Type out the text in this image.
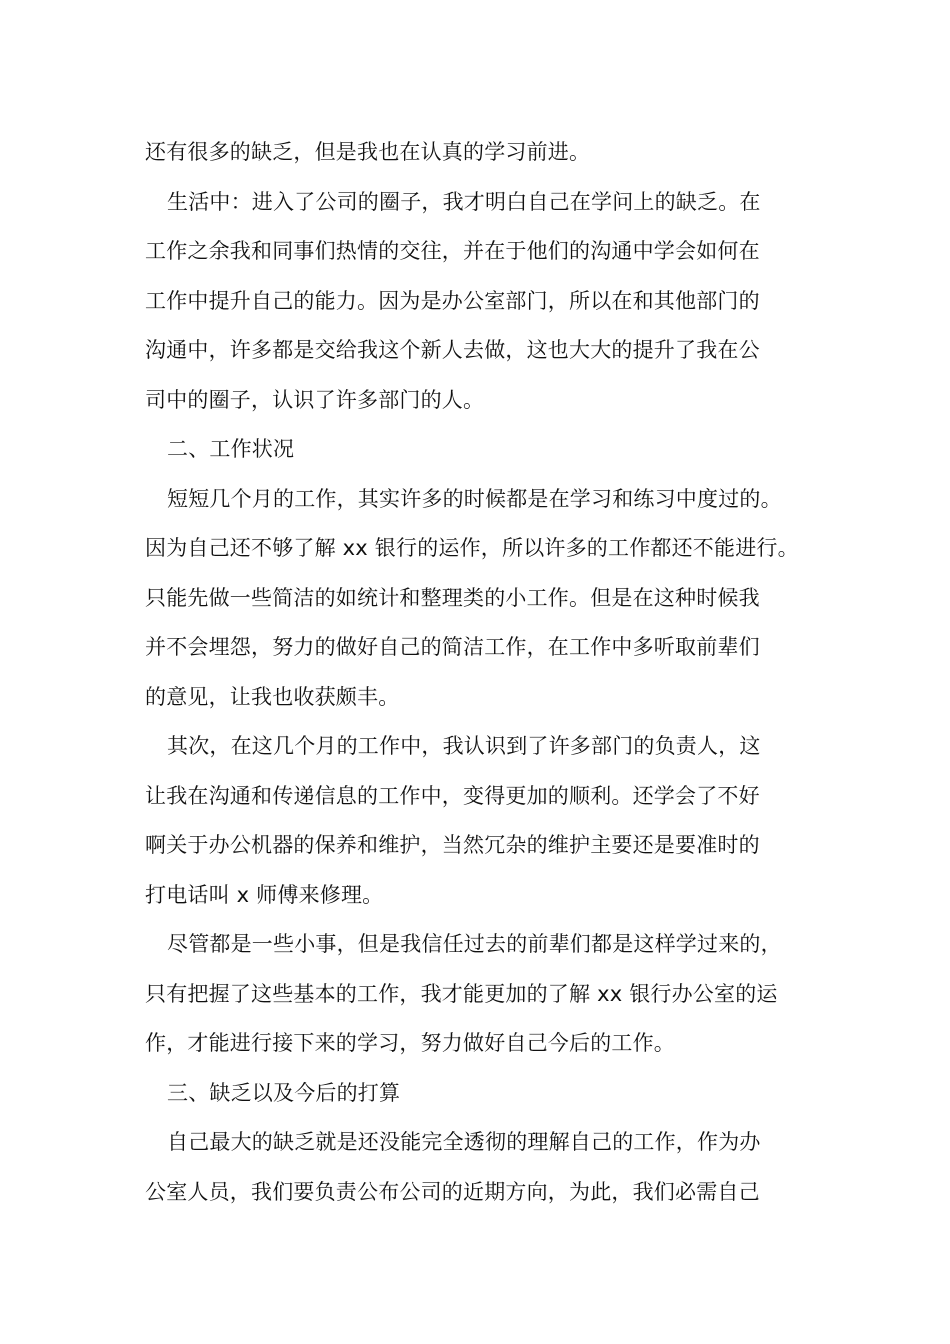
还有很多的缺乏，但是我也在认真的学习前进。
生活中：进入了公司的圈子，我才明白自己在学问上的缺乏。在
工作之余我和同事们热情的交往，并在于他们的沟通中学会如何在
工作中提升自己的能力。因为是办公室部门，所以在和其他部门的
沟通中，许多都是交给我这个新人去做，这也大大的提升了我在公
司中的圈子，认识了许多部门的人。
二、工作状况
短短几个月的工作，其实许多的时候都是在学习和练习中度过的。
因为自己还不够了解 xx 银行的运作，所以许多的工作都还不能进行。
只能先做一些简洁的如统计和整理类的小工作。但是在这种时候我
并不会埋怨，努力的做好自己的简洁工作，在工作中多听取前辈们
的意见，让我也收获颇丰。
其次，在这几个月的工作中，我认识到了许多部门的负责人，这
让我在沟通和传递信息的工作中，变得更加的顺利。还学会了不好
啊关于办公机器的保养和维护，当然冗杂的维护主要还是要准时的
打电话叫 x 师傅来修理。
尽管都是一些小事，但是我信任过去的前辈们都是这样学过来的，
只有把握了这些基本的工作，我才能更加的了解 xx 银行办公室的运
作，才能进行接下来的学习，努力做好自己今后的工作。
三、缺乏以及今后的打算
自己最大的缺乏就是还没能完全透彻的理解自己的工作，作为办
公室人员，我们要负责公布公司的近期方向，为此，我们必需自己
